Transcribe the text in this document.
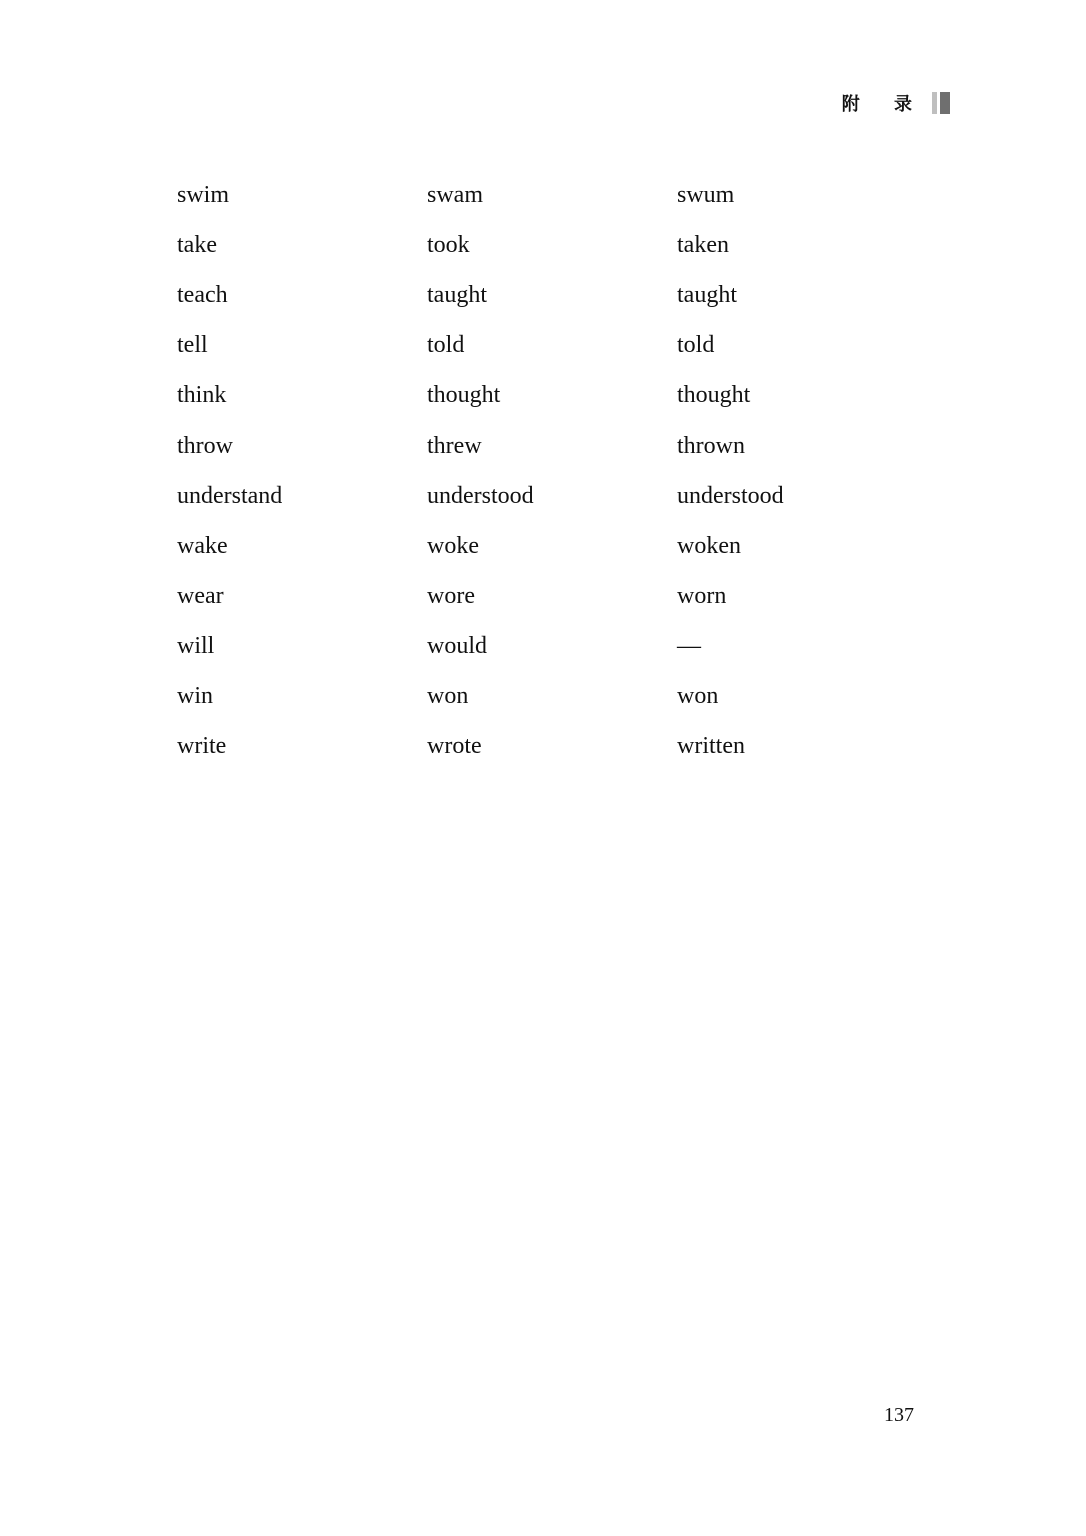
附 录
swim	swam	swum
take	took	taken
teach	taught	taught
tell	told	told
think	thought	thought
throw	threw	thrown
understand	understood	understood
wake	woke	woken
wear	wore	worn
will	would	—
win	won	won
write	wrote	written
137
